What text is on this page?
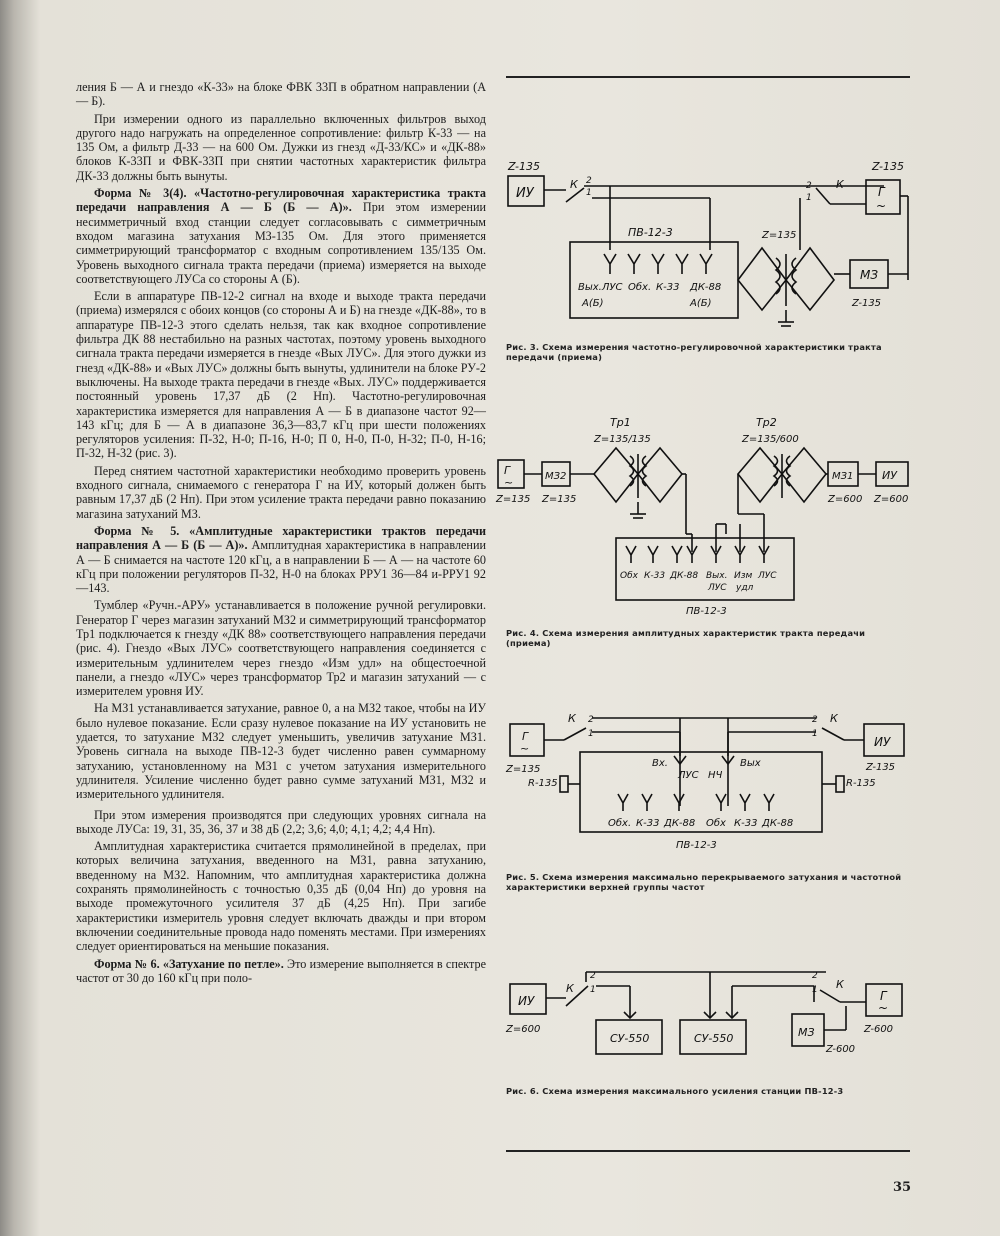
ления Б — А и гнездо «К-33» на блоке ФВК 33П в обратном направлении (А — Б).

При измерении одного из параллельно включенных фильтров выход другого надо нагружать на определенное сопротивление: фильтр К-33 — на 135 Ом, а фильтр Д-33 — на 600 Ом. Дужки из гнезд «Д-33/КС» и «ДК-88» блоков К-33П и ФВК-33П при снятии частотных характеристик фильтра ДК-33 должны быть вынуты.

Форма № 3(4). «Частотно-регулировочная характеристика тракта передачи направления А — Б (Б — А)». При этом измерении несимметричный вход станции следует согласовывать с симметричным входом магазина затухания МЗ-135 Ом. Для этого применяется симметрирующий трансформатор с входным сопротивлением 135/135 Ом. Уровень выходного сигнала тракта передачи (приема) измеряется на выходе соответствующего ЛУСа со стороны А (Б).

Если в аппаратуре ПВ-12-2 сигнал на входе и выходе тракта передачи (приема) измерялся с обоих концов (со стороны А и Б) на гнезде «ДК-88», то в аппаратуре ПВ-12-3 этого сделать нельзя, так как входное сопротивление фильтра ДК 88 нестабильно на разных частотах, поэтому уровень выходного сигнала тракта передачи измеряется в гнезде «Вых ЛУС». Для этого дужки из гнезд «ДК-88» и «Вых ЛУС» должны быть вынуты, удлинители на блоке РУ-2 выключены. На выходе тракта передачи в гнезде «Вых. ЛУС» поддерживается постоянный уровень 17,37 дБ (2 Нп). Частотно-регулировочная характеристика измеряется для направления А — Б в диапазоне частот 92—143 кГц; для Б — А в диапазоне 36,3—83,7 кГц при шести положениях регуляторов усиления: П-32, Н-0; П-16, Н-0; П 0, Н-0, П-0, Н-32; П-0, Н-16; П-32, Н-32 (рис. 3).

Перед снятием частотной характеристики необходимо проверить уровень входного сигнала, снимаемого с генератора Г на ИУ, который должен быть равным 17,37 дБ (2 Нп). При этом усиление тракта передачи равно показанию магазина затуханий МЗ.

Форма № 5. «Амплитудные характеристики трактов передачи направления А — Б (Б — А)». Амплитудная характеристика в направлении А — Б снимается на частоте 120 кГц, а в направлении Б — А — на частоте 60 кГц при положении регуляторов П-32, Н-0 на блоках РРУ1 36—84 и-РРУ1 92—143.

Тумблер «Ручн.-АРУ» устанавливается в положение ручной регулировки. Генератор Г через магазин затуханий МЗ2 и симметрирующий трансформатор Тр1 подключается к гнезду «ДК 88» соответствующего направления передачи (рис. 4). Гнездо «Вых ЛУС» соответствующего направления соединяется с измерительным удлинителем через гнездо «Изм удл» на общестоечной панели, а гнездо «ЛУС» через трансформатор Тр2 и магазин затуханий — с измерителем уровня ИУ.

На МЗ1 устанавливается затухание, равное 0, а на МЗ2 такое, чтобы на ИУ было нулевое показание. Если сразу нулевое показание на ИУ установить не удается, то затухание МЗ2 следует уменьшить, увеличив затухание МЗ1. Уровень сигнала на выходе ПВ-12-3 будет численно равен суммарному затуханию, установленному на МЗ1 с учетом затухания измерительного удлинителя. Усиление численно будет равно сумме затуханий МЗ1, МЗ2 и измерительного удлинителя.

При этом измерения производятся при следующих уровнях сигнала на выходе ЛУСа: 19, 31, 35, 36, 37 и 38 дБ (2,2; 3,6; 4,0; 4,1; 4,2; 4,4 Нп).

Амплитудная характеристика считается прямолинейной в пределах, при которых величина затухания, введенного на МЗ1, равна затуханию, введенному на МЗ2. Напомним, что амплитудная характеристика должна сохранять прямолинейность с точностью 0,35 дБ (0,04 Нп) до уровня на выходе промежуточного усилителя 37 дБ (4,25 Нп). При загибе характеристики измеритель уровня следует включать дважды и при втором включении соединительные провода надо поменять местами. При измерениях следует ориентироваться на меньшие показания.

Форма № 6. «Затухание по петле». Это измерение выполняется в спектре частот от 30 до 160 кГц при поло-

Z-135
ИУ
К 2
1
ПВ-12-3
Вых.ЛУС Обх. К-33 ДК-88
А(Б)	А(Б)
Z=135
2
1
К
Z-135
Г
~
МЗ
Z-135
Рис. 3. Схема измерения частотно-регулировочной характеристики тракта передачи (приема)
Тр1
Z=135/135
Тр2
Z=135/600
Г
~
Z=135
МЗ2
Z=135
МЗ1
Z=600
ИУ
Z=600
Обх К-33 ДК-88 Вых.
ЛУС
Изм
удл
ЛУС
ПВ-12-3
Рис. 4. Схема измерения амплитудных характеристик тракта передачи (приема)
Г
~
Z=135
К 2
1
2
1
К
ИУ
Z-135
R-135	R-135
Вх.	Вых
ЛУС НЧ
Обх. К-33 ДК-88 Обх К-33 ДК-88
ПВ-12-3
Рис. 5. Схема измерения максимально перекрываемого затухания и частотной характеристики верхней группы частот
ИУ
Z=600
К
2
1
СУ-550	СУ-550
2
1 К
МЗ
Z-600
Г
~
Z-600
Рис. 6. Схема измерения максимального усиления станции ПВ-12-3
35
